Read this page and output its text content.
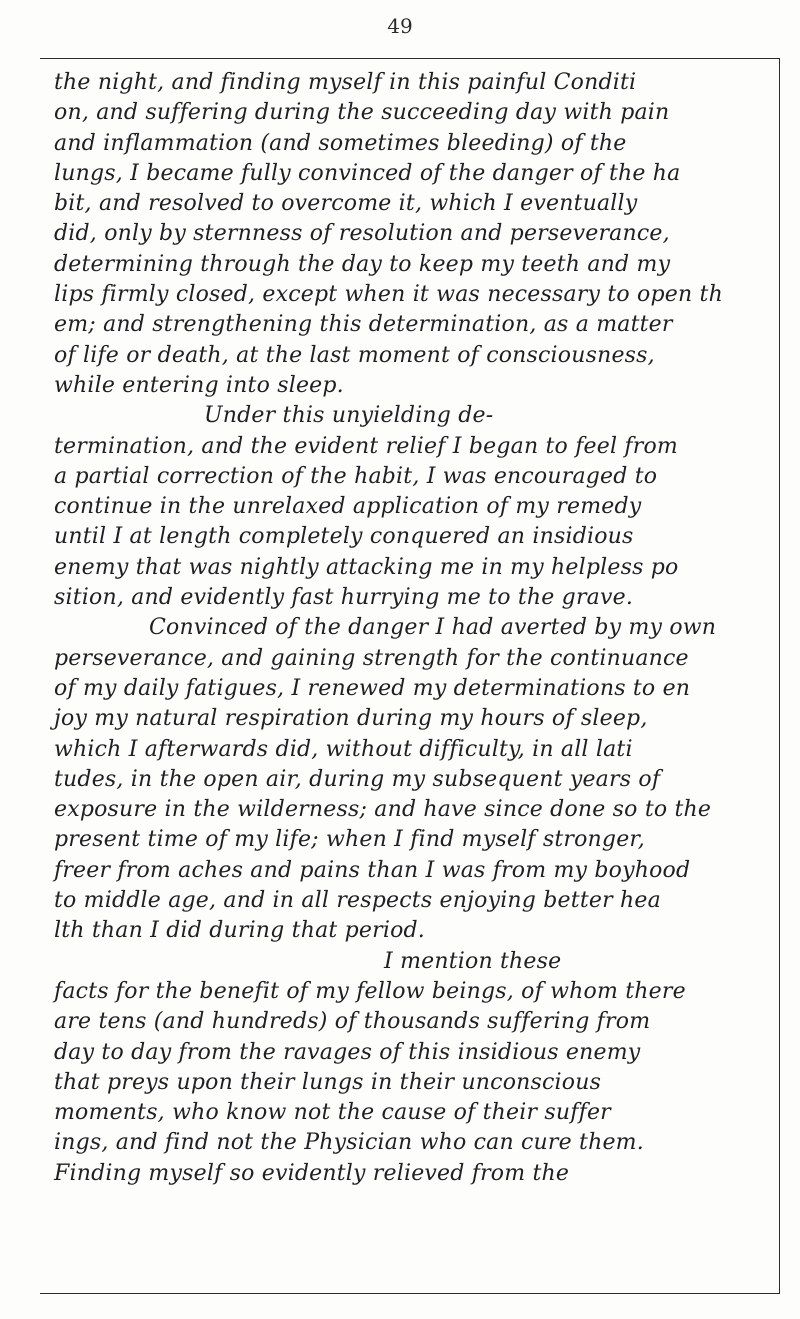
49
the night, and finding myself in this painful Conditi
on, and suffering during the succeeding day with pain
and inflammation (and sometimes bleeding) of the
lungs, I became fully convinced of the danger of the ha
bit, and resolved to overcome it, which I eventually
did, only by sternness of resolution and perseverance,
determining through the day to keep my teeth and my
lips firmly closed, except when it was necessary to open th
em; and strengthening this determination, as a matter
of life or death, at the last moment of consciousness,
while entering into sleep.
Under this unyielding de-
termination, and the evident relief I began to feel from
a partial correction of the habit, I was encouraged to
continue in the unrelaxed application of my remedy
until I at length completely conquered an insidious
enemy that was nightly attacking me in my helpless po
sition, and evidently fast hurrying me to the grave.
Convinced of the danger I had averted by my own
perseverance, and gaining strength for the continuance
of my daily fatigues, I renewed my determinations to en
joy my natural respiration during my hours of sleep,
which I afterwards did, without difficulty, in all lati
tudes, in the open air, during my subsequent years of
exposure in the wilderness; and have since done so to the
present time of my life; when I find myself stronger,
freer from aches and pains than I was from my boyhood
to middle age, and in all respects enjoying better hea
lth than I did during that period.
I mention these
facts for the benefit of my fellow beings, of whom there
are tens (and hundreds) of thousands suffering from
day to day from the ravages of this insidious enemy
that preys upon their lungs in their unconscious
moments, who know not the cause of their suffer
ings, and find not the Physician who can cure them.
Finding myself so evidently relieved from the
